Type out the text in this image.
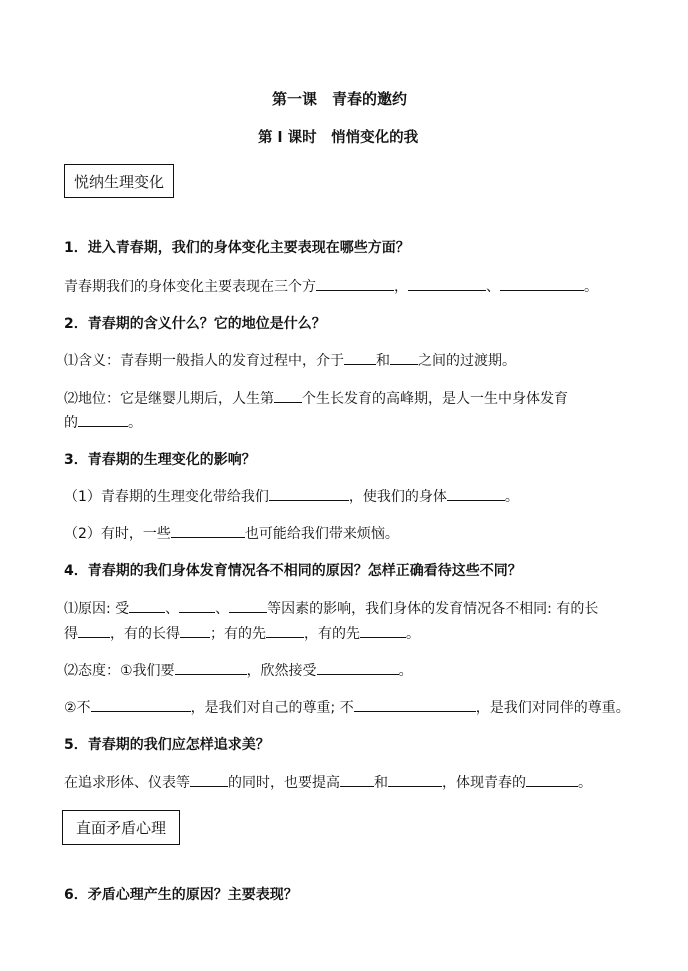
第一课　青春的邀约
第 l 课时　悄悄变化的我
悦纳生理变化
1．进入青春期，我们的身体变化主要表现在哪些方面？
青春期我们的身体变化主要表现在三个方	，	、	。
2．青春期的含义什么？它的地位是什么？
⑴含义：青春期一般指人的发育过程中，介于 和 之间的过渡期。
⑵地位：它是继婴儿期后，人生第 个生长发育的高峰期，是人一生中身体发育
的	。
3．青春期的生理变化的影响？
（1）青春期的生理变化带给我们	，使我们的身体	。
（2）有时，一些	也可能给我们带来烦恼。
4．青春期的我们身体发育情况各不相同的原因？怎样正确看待这些不同？
⑴原因: 受	、	、	等因素的影响，我们身体的发育情况各不相同: 有的长
得 ，有的长得 ；有的先	，有的先	。
⑵态度：①我们要	，欣然接受	。
②不	，是我们对自己的尊重; 不	，是我们对同伴的尊重。
5．青春期的我们应怎样追求美？
在追求形体、仪表等	的同时，也要提高 和	，体现青春的	。
直面矛盾心理
6．矛盾心理产生的原因？主要表现？
